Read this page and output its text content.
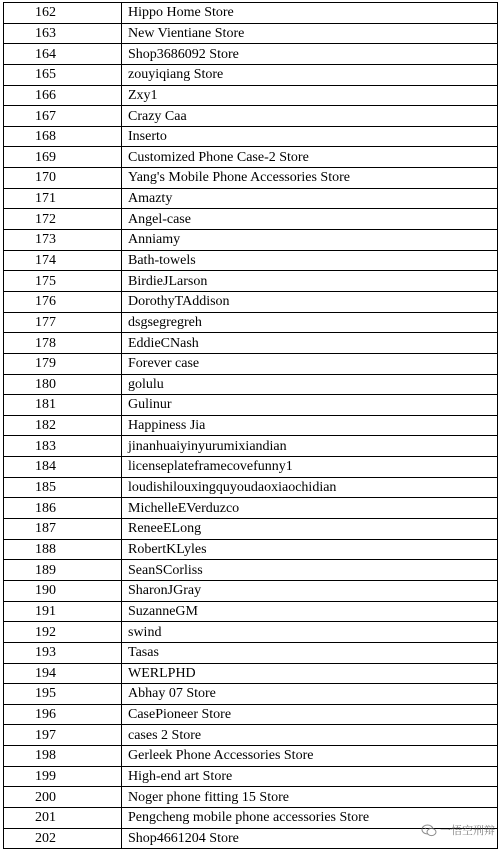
162	Hippo Home Store
163	New Vientiane Store
164	Shop3686092 Store
165	zouyiqiang Store
166	Zxy1
167	Crazy Caa
168	Inserto
169	Customized Phone Case-2 Store
170	Yang's Mobile Phone Accessories Store
171	Amazty
172	Angel-case
173	Anniamy
174	Bath-towels
175	BirdieJLarson
176	DorothyTAddison
177	dsgsegregreh
178	EddieCNash
179	Forever case
180	golulu
181	Gulinur
182	Happiness Jia
183	jinanhuaiyinyurumixiandian
184	licenseplateframecovefunny1
185	loudishilouxingquyoudaoxiaochidian
186	MichelleEVerduzco
187	ReneeELong
188	RobertKLyles
189	SeanSCorliss
190	SharonJGray
191	SuzanneGM
192	swind
193	Tasas
194	WERLPHD
195	Abhay 07 Store
196	CasePioneer Store
197	cases 2 Store
198	Gerleek Phone Accessories Store
199	High-end art Store
200	Noger phone fitting 15 Store
201	Pengcheng mobile phone accessories Store
202	Shop4661204 Store
一悟空刑辩
